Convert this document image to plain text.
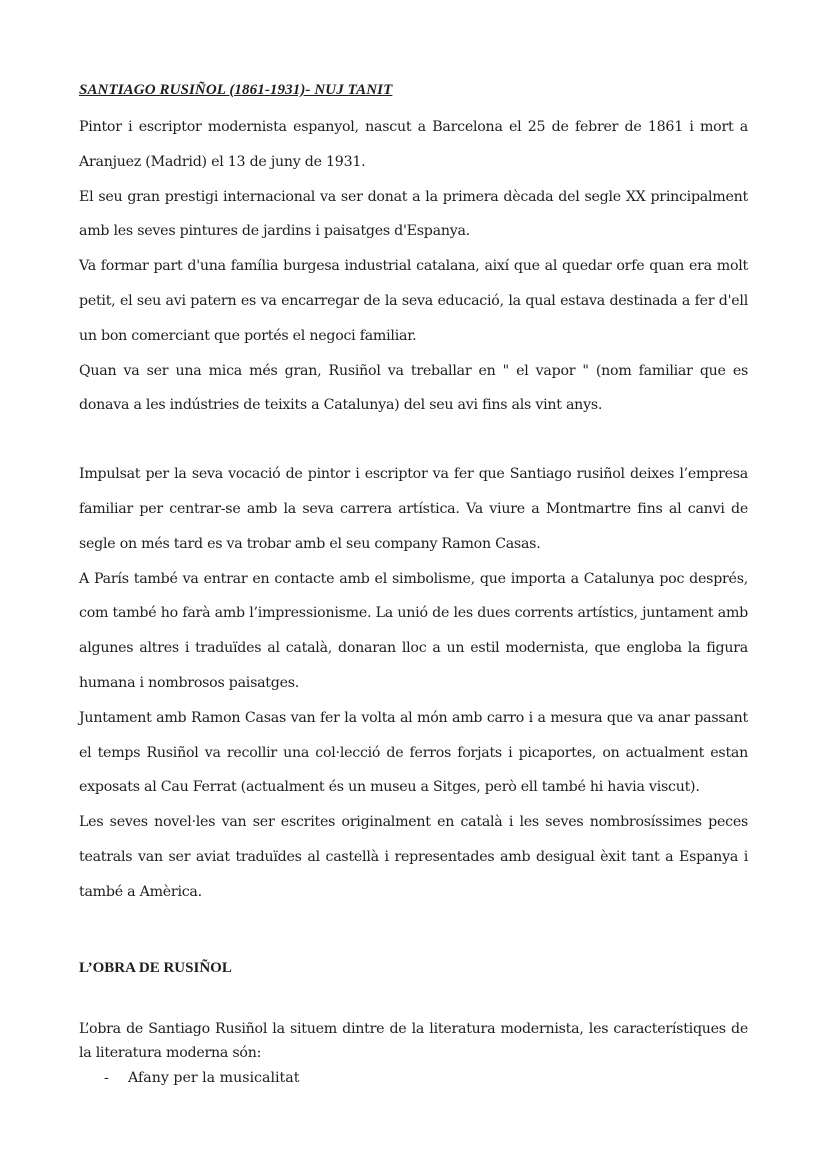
SANTIAGO RUSIÑOL (1861-1931)- NUJ TANIT

Pintor i escriptor modernista espanyol, nascut a Barcelona el 25 de febrer de 1861 i mort a Aranjuez (Madrid) el 13 de juny de 1931.

El seu gran prestigi internacional va ser donat a la primera dècada del segle XX principalment amb les seves pintures de jardins i paisatges d'Espanya.

Va formar part d'una família burgesa industrial catalana, així que al quedar orfe quan era molt petit, el seu avi patern es va encarregar de la seva educació, la qual estava destinada a fer d'ell un bon comerciant que portés el negoci familiar.

Quan va ser una mica més gran, Rusiñol va treballar en " el vapor " (nom familiar que es donava a les indústries de teixits a Catalunya) del seu avi fins als vint anys.

Impulsat per la seva vocació de pintor i escriptor va fer que Santiago rusiñol deixes l’empresa familiar per centrar-se amb la seva carrera artística. Va viure a Montmartre fins al canvi de segle on més tard es va trobar amb el seu company Ramon Casas.

A París també va entrar en contacte amb el simbolisme, que importa a Catalunya poc després, com també ho farà amb l’impressionisme. La unió de les dues corrents artístics, juntament amb algunes altres i traduïdes al català, donaran lloc a un estil modernista, que engloba la figura humana i nombrosos paisatges.

Juntament amb Ramon Casas van fer la volta al món amb carro i a mesura que va anar passant el temps Rusiñol va recollir una col·lecció de ferros forjats i picaportes, on actualment estan exposats al Cau Ferrat (actualment és un museu a Sitges, però ell també hi havia viscut).

Les seves novel·les van ser escrites originalment en català i les seves nombrosíssimes peces teatrals van ser aviat traduïdes al castellà i representades amb desigual èxit tant a Espanya i també a Amèrica.

L’OBRA DE RUSIÑOL

L’obra de Santiago Rusiñol la situem dintre de la literatura modernista, les característiques de la literatura moderna són:

-	Afany per la musicalitat
